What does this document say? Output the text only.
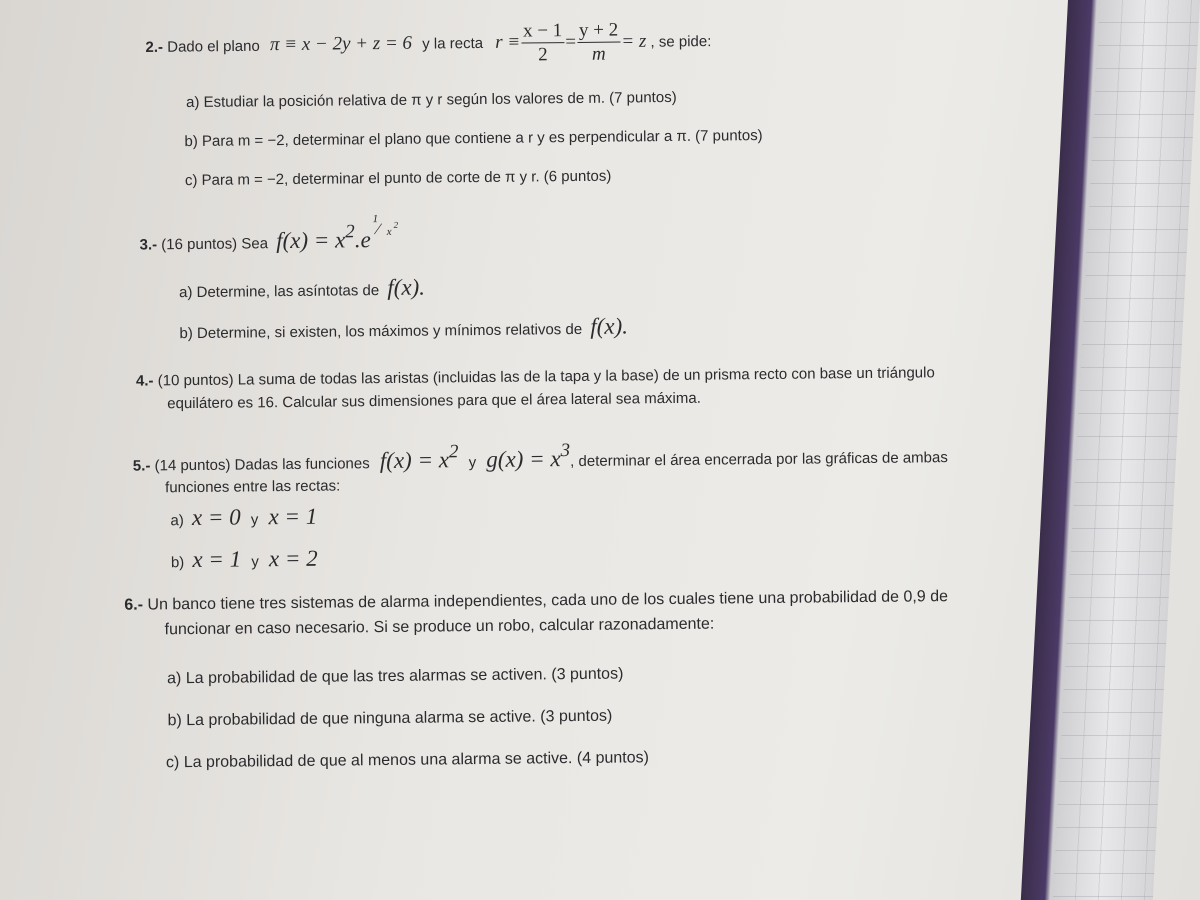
2.- Dado el plano π ≡ x − 2y + z = 6 y la recta $r \equiv \frac{x - 1}{2} = \frac{y + 2}{m} = z$ , se pide:
a) Estudiar la posición relativa de π y r según los valores de m. (7 puntos)
b) Para m = −2, determinar el plano que contiene a r y es perpendicular a π. (7 puntos)
c) Para m = −2, determinar el punto de corte de π y r. (6 puntos)
3.- (16 puntos) Sea $f(x) = x^2.e$
1
⁄ x
2
a) Determine, las asíntotas de f(x).
b) Determine, si existen, los máximos y mínimos relativos de f(x).
4.- (10 puntos) La suma de todas las aristas (incluidas las de la tapa y la base) de un prisma recto con base un triángulo
equilátero es 16. Calcular sus dimensiones para que el área lateral sea máxima.
5.- (14 puntos) Dadas las funciones $f(x) = x^2$ y $g(x) = x^3$, determinar el área encerrada por las gráficas de ambas
funciones entre las rectas:
a) x = 0 y x = 1
b) x = 1 y x = 2
6.- Un banco tiene tres sistemas de alarma independientes, cada uno de los cuales tiene una probabilidad de 0,9 de
funcionar en caso necesario. Si se produce un robo, calcular razonadamente:
a) La probabilidad de que las tres alarmas se activen. (3 puntos)
b) La probabilidad de que ninguna alarma se active. (3 puntos)
c) La probabilidad de que al menos una alarma se active. (4 puntos)
